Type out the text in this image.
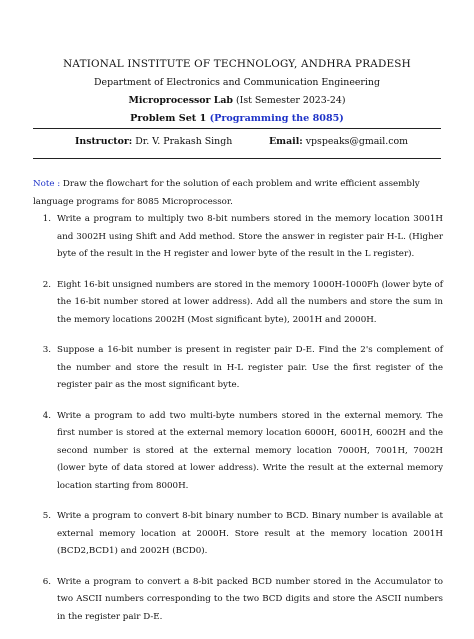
NATIONAL INSTITUTE OF TECHNOLOGY, ANDHRA PRADESH

Department of Electronics and Communication Engineering

Microprocessor Lab (Ist Semester 2023-24)

Problem Set 1 (Programming the 8085)

Instructor: Dr. V. Prakash Singh	Email: vpspeaks@gmail.com

Note : Draw the flowchart for the solution of each problem and write efficient assembly language programs for 8085 Microprocessor.

1. Write a program to multiply two 8-bit numbers stored in the memory location 3001H and 3002H using Shift and Add method. Store the answer in register pair H-L. (Higher byte of the result in the H register and lower byte of the result in the L register).
2. Eight 16-bit unsigned numbers are stored in the memory 1000H-1000Fh (lower byte of the 16-bit number stored at lower address). Add all the numbers and store the sum in the memory locations 2002H (Most significant byte), 2001H and 2000H.
3. Suppose a 16-bit number is present in register pair D-E. Find the 2's complement of the number and store the result in H-L register pair. Use the first register of the register pair as the most significant byte.
4. Write a program to add two multi-byte numbers stored in the external memory. The first number is stored at the external memory location 6000H, 6001H, 6002H and the second number is stored at the external memory location 7000H, 7001H, 7002H (lower byte of data stored at lower address). Write the result at the external memory location starting from 8000H.
5. Write a program to convert 8-bit binary number to BCD. Binary number is available at external memory location at 2000H. Store result at the memory location 2001H (BCD2,BCD1) and 2002H (BCD0).
6. Write a program to convert a 8-bit packed BCD number stored in the Accumulator to two ASCII numbers corresponding to the two BCD digits and store the ASCII numbers in the register pair D-E.
